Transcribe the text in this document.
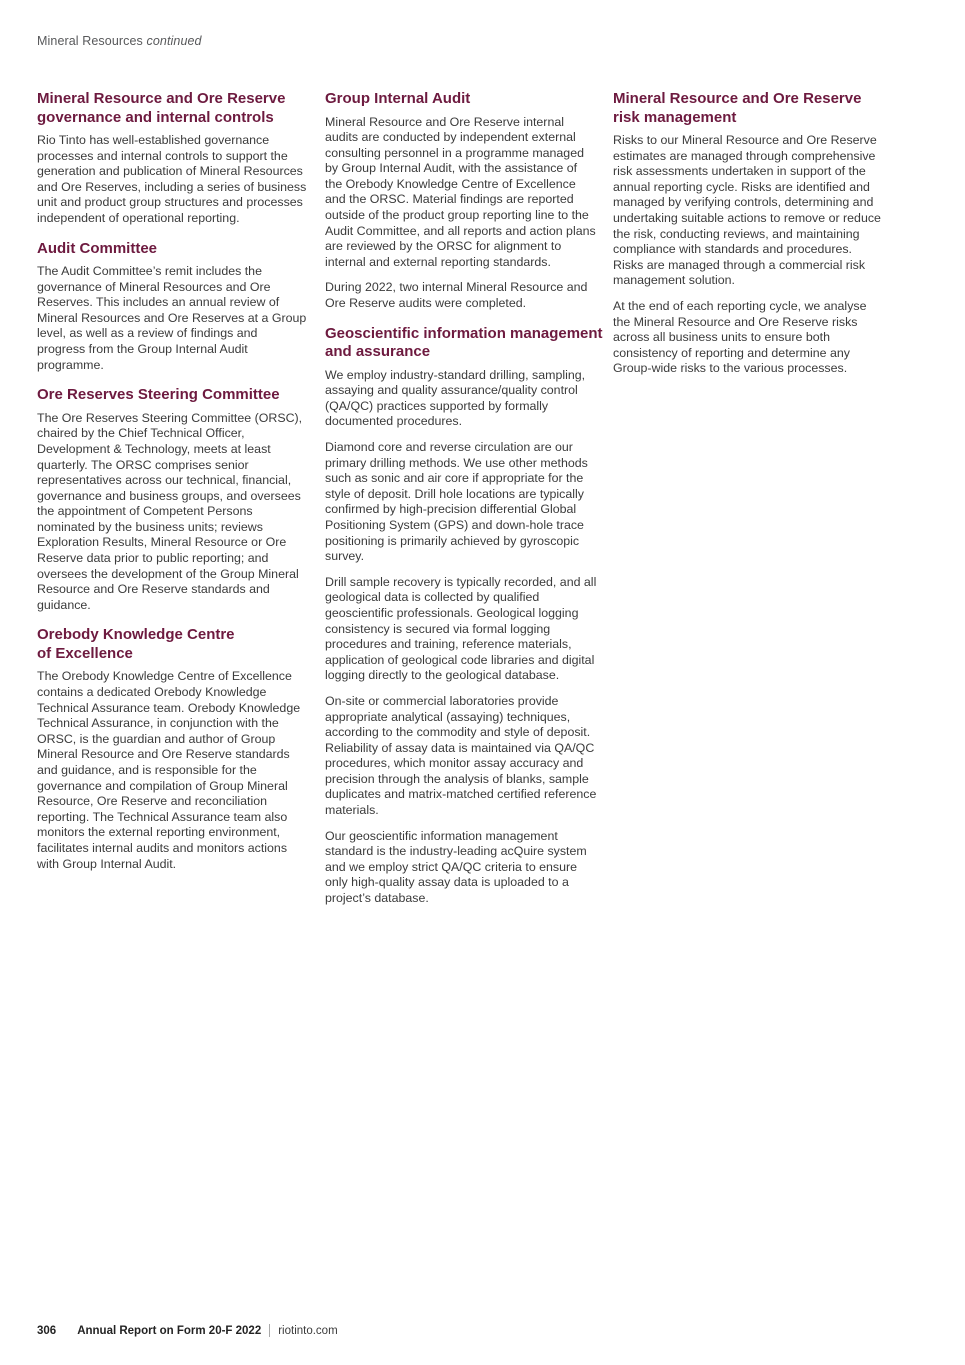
Mineral Resources continued
Mineral Resource and Ore Reserve
governance and internal controls

Rio Tinto has well-established governance processes and internal controls to support the generation and publication of Mineral Resources and Ore Reserves, including a series of business unit and product group structures and processes independent of operational reporting.

Audit Committee

The Audit Committee’s remit includes the governance of Mineral Resources and Ore Reserves. This includes an annual review of Mineral Resources and Ore Reserves at a Group level, as well as a review of findings and progress from the Group Internal Audit programme.

Ore Reserves Steering Committee

The Ore Reserves Steering Committee (ORSC), chaired by the Chief Technical Officer, Development & Technology, meets at least quarterly. The ORSC comprises senior representatives across our technical, financial, governance and business groups, and oversees the appointment of Competent Persons nominated by the business units; reviews Exploration Results, Mineral Resource or Ore Reserve data prior to public reporting; and oversees the development of the Group Mineral Resource and Ore Reserve standards and guidance.

Orebody Knowledge Centre
of Excellence

The Orebody Knowledge Centre of Excellence contains a dedicated Orebody Knowledge Technical Assurance team. Orebody Knowledge Technical Assurance, in conjunction with the ORSC, is the guardian and author of Group Mineral Resource and Ore Reserve standards and guidance, and is responsible for the governance and compilation of Group Mineral Resource, Ore Reserve and reconciliation reporting. The Technical Assurance team also monitors the external reporting environment, facilitates internal audits and monitors actions with Group Internal Audit.

Group Internal Audit

Mineral Resource and Ore Reserve internal audits are conducted by independent external consulting personnel in a programme managed by Group Internal Audit, with the assistance of the Orebody Knowledge Centre of Excellence and the ORSC. Material findings are reported outside of the product group reporting line to the Audit Committee, and all reports and action plans are reviewed by the ORSC for alignment to internal and external reporting standards.

During 2022, two internal Mineral Resource and Ore Reserve audits were completed.

Geoscientific information management
and assurance

We employ industry-standard drilling, sampling, assaying and quality assurance/quality control (QA/QC) practices supported by formally documented procedures.

Diamond core and reverse circulation are our primary drilling methods. We use other methods such as sonic and air core if appropriate for the style of deposit. Drill hole locations are typically confirmed by high-precision differential Global Positioning System (GPS) and down-hole trace positioning is primarily achieved by gyroscopic survey.

Drill sample recovery is typically recorded, and all geological data is collected by qualified geoscientific professionals. Geological logging consistency is secured via formal logging procedures and training, reference materials, application of geological code libraries and digital logging directly to the geological database.

On-site or commercial laboratories provide appropriate analytical (assaying) techniques, according to the commodity and style of deposit. Reliability of assay data is maintained via QA/QC procedures, which monitor assay accuracy and precision through the analysis of blanks, sample duplicates and matrix-matched certified reference materials.

Our geoscientific information management standard is the industry-leading acQuire system and we employ strict QA/QC criteria to ensure only high-quality assay data is uploaded to a project’s database.

Mineral Resource and Ore Reserve
risk management

Risks to our Mineral Resource and Ore Reserve estimates are managed through comprehensive risk assessments undertaken in support of the annual reporting cycle. Risks are identified and managed by verifying controls, determining and undertaking suitable actions to remove or reduce the risk, conducting reviews, and maintaining compliance with standards and procedures. Risks are managed through a commercial risk management solution.

At the end of each reporting cycle, we analyse the Mineral Resource and Ore Reserve risks across all business units to ensure both consistency of reporting and determine any Group-wide risks to the various processes.

306 Annual Report on Form 20-F 2022 riotinto.com
